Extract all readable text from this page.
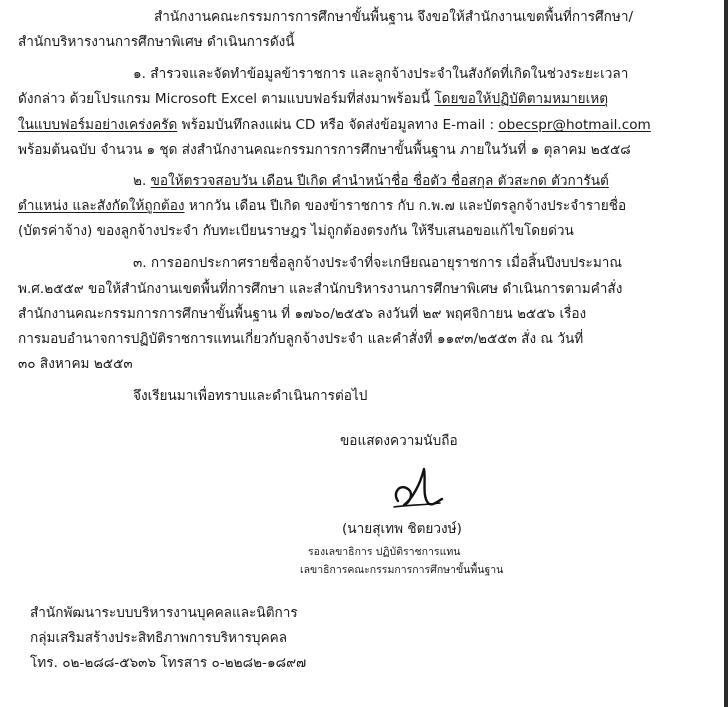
สำนักงานคณะกรรมการการศึกษาขั้นพื้นฐาน จึงขอให้สำนักงานเขตพื้นที่การศึกษา/
สำนักบริหารงานการศึกษาพิเศษ ดำเนินการดังนี้
๑. สำรวจและจัดทำข้อมูลข้าราชการ และลูกจ้างประจำในสังกัดที่เกิดในช่วงระยะเวลา
ดังกล่าว ด้วยโปรแกรม Microsoft Excel ตามแบบฟอร์มที่ส่งมาพร้อมนี้ โดยขอให้ปฏิบัติตามหมายเหตุ
ในแบบฟอร์มอย่างเคร่งครัด พร้อมบันทึกลงแผ่น CD หรือ จัดส่งข้อมูลทาง E-mail : obecspr@hotmail.com
พร้อมต้นฉบับ จำนวน ๑ ชุด ส่งสำนักงานคณะกรรมการการศึกษาขั้นพื้นฐาน ภายในวันที่ ๑ ตุลาคม ๒๕๕๘
๒. ขอให้ตรวจสอบวัน เดือน ปีเกิด คำนำหน้าชื่อ ชื่อตัว ชื่อสกุล ตัวสะกด ตัวการันต์
ตำแหน่ง และสังกัดให้ถูกต้อง หากวัน เดือน ปีเกิด ของข้าราชการ กับ ก.พ.๗ และบัตรลูกจ้างประจำรายชื่อ
(บัตรค่าจ้าง) ของลูกจ้างประจำ กับทะเบียนราษฎร ไม่ถูกต้องตรงกัน ให้รีบเสนอขอแก้ไขโดยด่วน
๓. การออกประกาศรายชื่อลูกจ้างประจำที่จะเกษียณอายุราชการ เมื่อสิ้นปีงบประมาณ
พ.ศ.๒๕๕๙ ขอให้สำนักงานเขตพื้นที่การศึกษา และสำนักบริหารงานการศึกษาพิเศษ ดำเนินการตามคำสั่ง
สำนักงานคณะกรรมการการศึกษาขั้นพื้นฐาน ที่ ๑๗๖๐/๒๕๕๖ ลงวันที่ ๒๙ พฤศจิกายน ๒๕๕๖ เรื่อง
การมอบอำนาจการปฏิบัติราชการแทนเกี่ยวกับลูกจ้างประจำ และคำสั่งที่ ๑๑๙๓/๒๕๕๓ สั่ง ณ วันที่
๓๐ สิงหาคม ๒๕๕๓
จึงเรียนมาเพื่อทราบและดำเนินการต่อไป
ขอแสดงความนับถือ
(นายสุเทพ ชิตยวงษ์)
รองเลขาธิการ ปฏิบัติราชการแทน
เลขาธิการคณะกรรมการการศึกษาขั้นพื้นฐาน
สำนักพัฒนาระบบบริหารงานบุคคลและนิติการ
กลุ่มเสริมสร้างประสิทธิภาพการบริหารบุคคล
โทร. ๐๒-๒๘๘-๕๖๓๖ โทรสาร ๐-๒๒๘๒-๑๘๙๗
